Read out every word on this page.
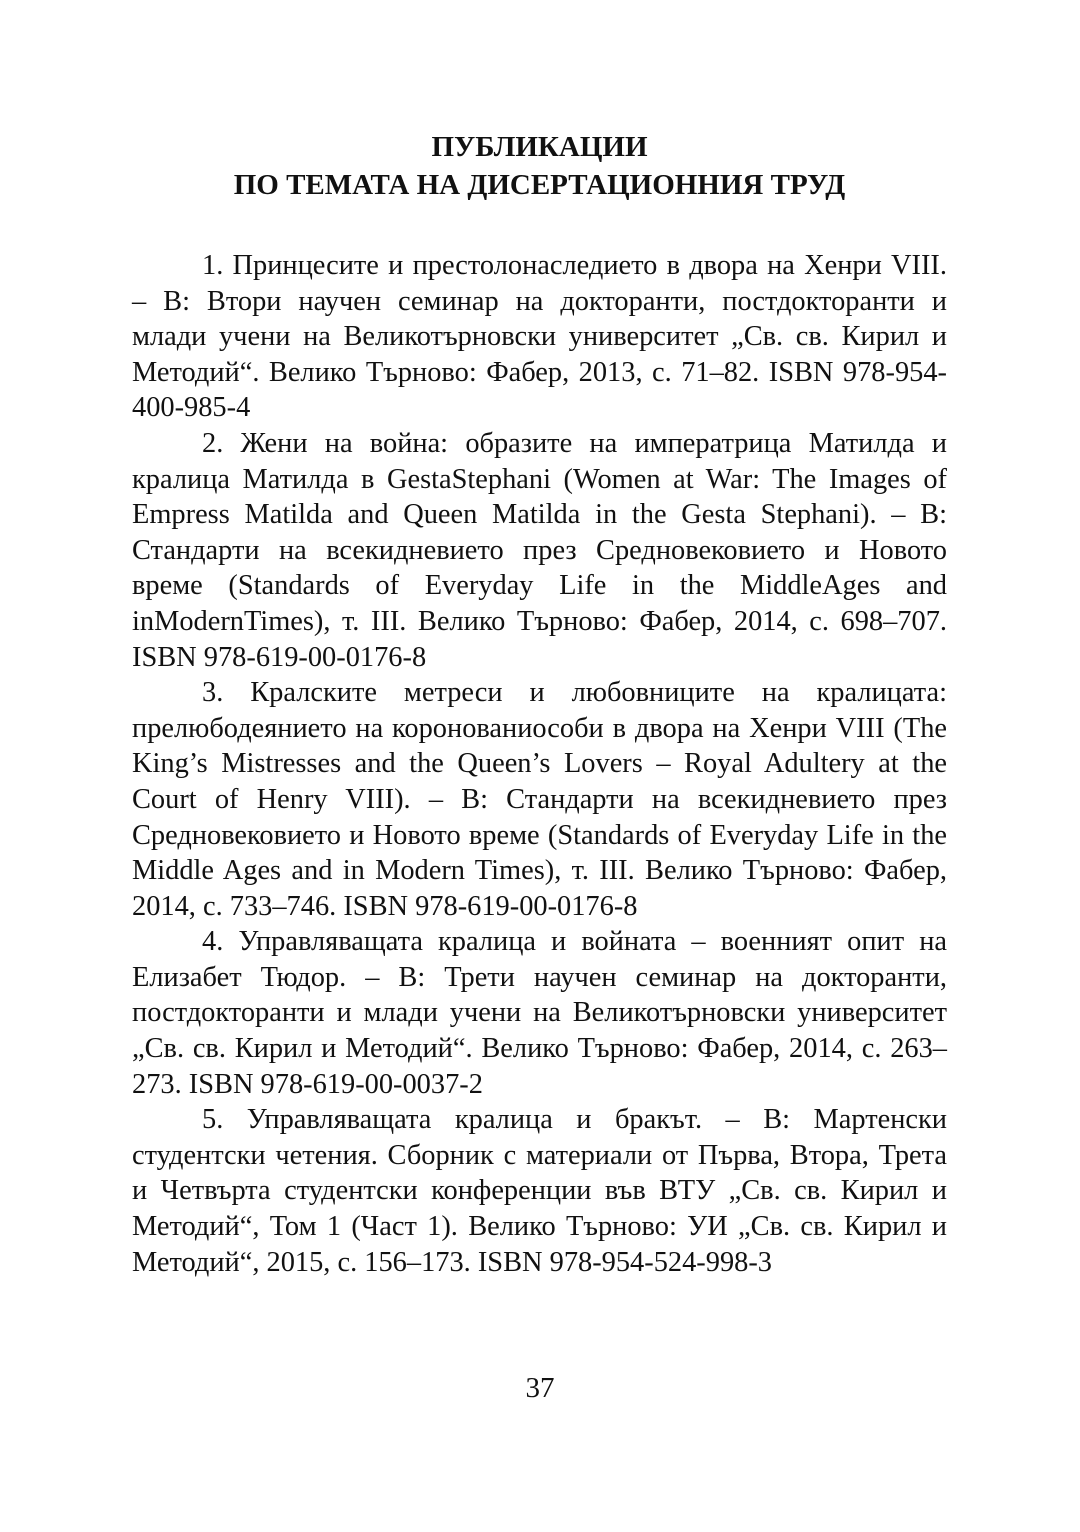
ПУБЛИКАЦИИ
ПО ТЕМАТА НА ДИСЕРТАЦИОННИЯ ТРУД

1. Принцесите и престолонаследието в двора на Хенри VIII. – В: Втори научен семинар на докторанти, постдокторанти и млади учени на Великотърновски университет „Св. св. Кирил и Методий“. Велико Търново: Фабер, 2013, с. 71–82. ISBN 978-954-400-985-4

2. Жени на война: образите на императрица Матилда и кралица Матилда в GestaStephani (Women at War: The Images of Empress Matilda and Queen Matilda in the Gesta Stephani). – В: Стандарти на всекидневието през Средновековието и Новото време (Standards of Everyday Life in the MiddleAges and inModernTimes), т. III. Велико Търново: Фабер, 2014, с. 698–707. ISBN 978-619-00-0176-8

3. Кралските метреси и любовниците на кралицата: прелюбодеянието на коронованиособи в двора на Хенри VIII (The King’s Mistresses and the Queen’s Lovers – Royal Adultery at the Court of Henry VIII). – В: Стандарти на всекидневието през Средновековието и Новото време (Standards of Everyday Life in the Middle Ages and in Modern Times), т. III. Велико Търново: Фабер, 2014, с. 733–746. ISBN 978-619-00-0176-8

4. Управляващата кралица и войната – военният опит на Елизабет Тюдор. – В: Трети научен семинар на докторанти, постдокторанти и млади учени на Великотърновски университет „Св. св. Кирил и Методий“. Велико Търново: Фабер, 2014, с. 263–273. ISBN 978-619-00-0037-2

5. Управляващата кралица и бракът. – В: Мартенски студентски четения. Сборник с материали от Първа, Втора, Трета и Четвърта студентски конференции във ВТУ „Св. св. Кирил и Методий“, Том 1 (Част 1). Велико Търново: УИ „Св. св. Кирил и Методий“, 2015, с. 156–173. ISBN 978-954-524-998-3

37
